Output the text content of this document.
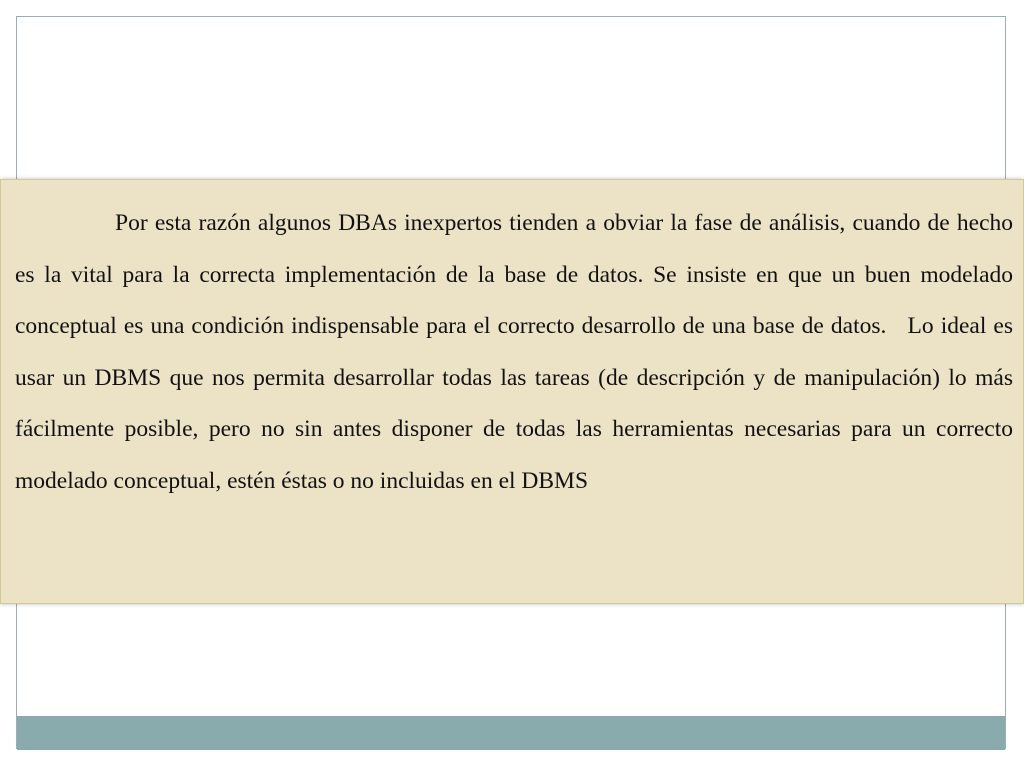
Por esta razón algunos DBAs inexpertos tienden a obviar la fase de análisis, cuando de hecho es la vital para la correcta implementación de la base de datos. Se insiste en que un buen modelado conceptual es una condición indispensable para el correcto desarrollo de una base de datos.   Lo ideal es usar un DBMS que nos permita desarrollar todas las tareas (de descripción y de manipulación) lo más fácilmente posible, pero no sin antes disponer de todas las herramientas necesarias para un correcto modelado conceptual, estén éstas o no incluidas en el DBMS
